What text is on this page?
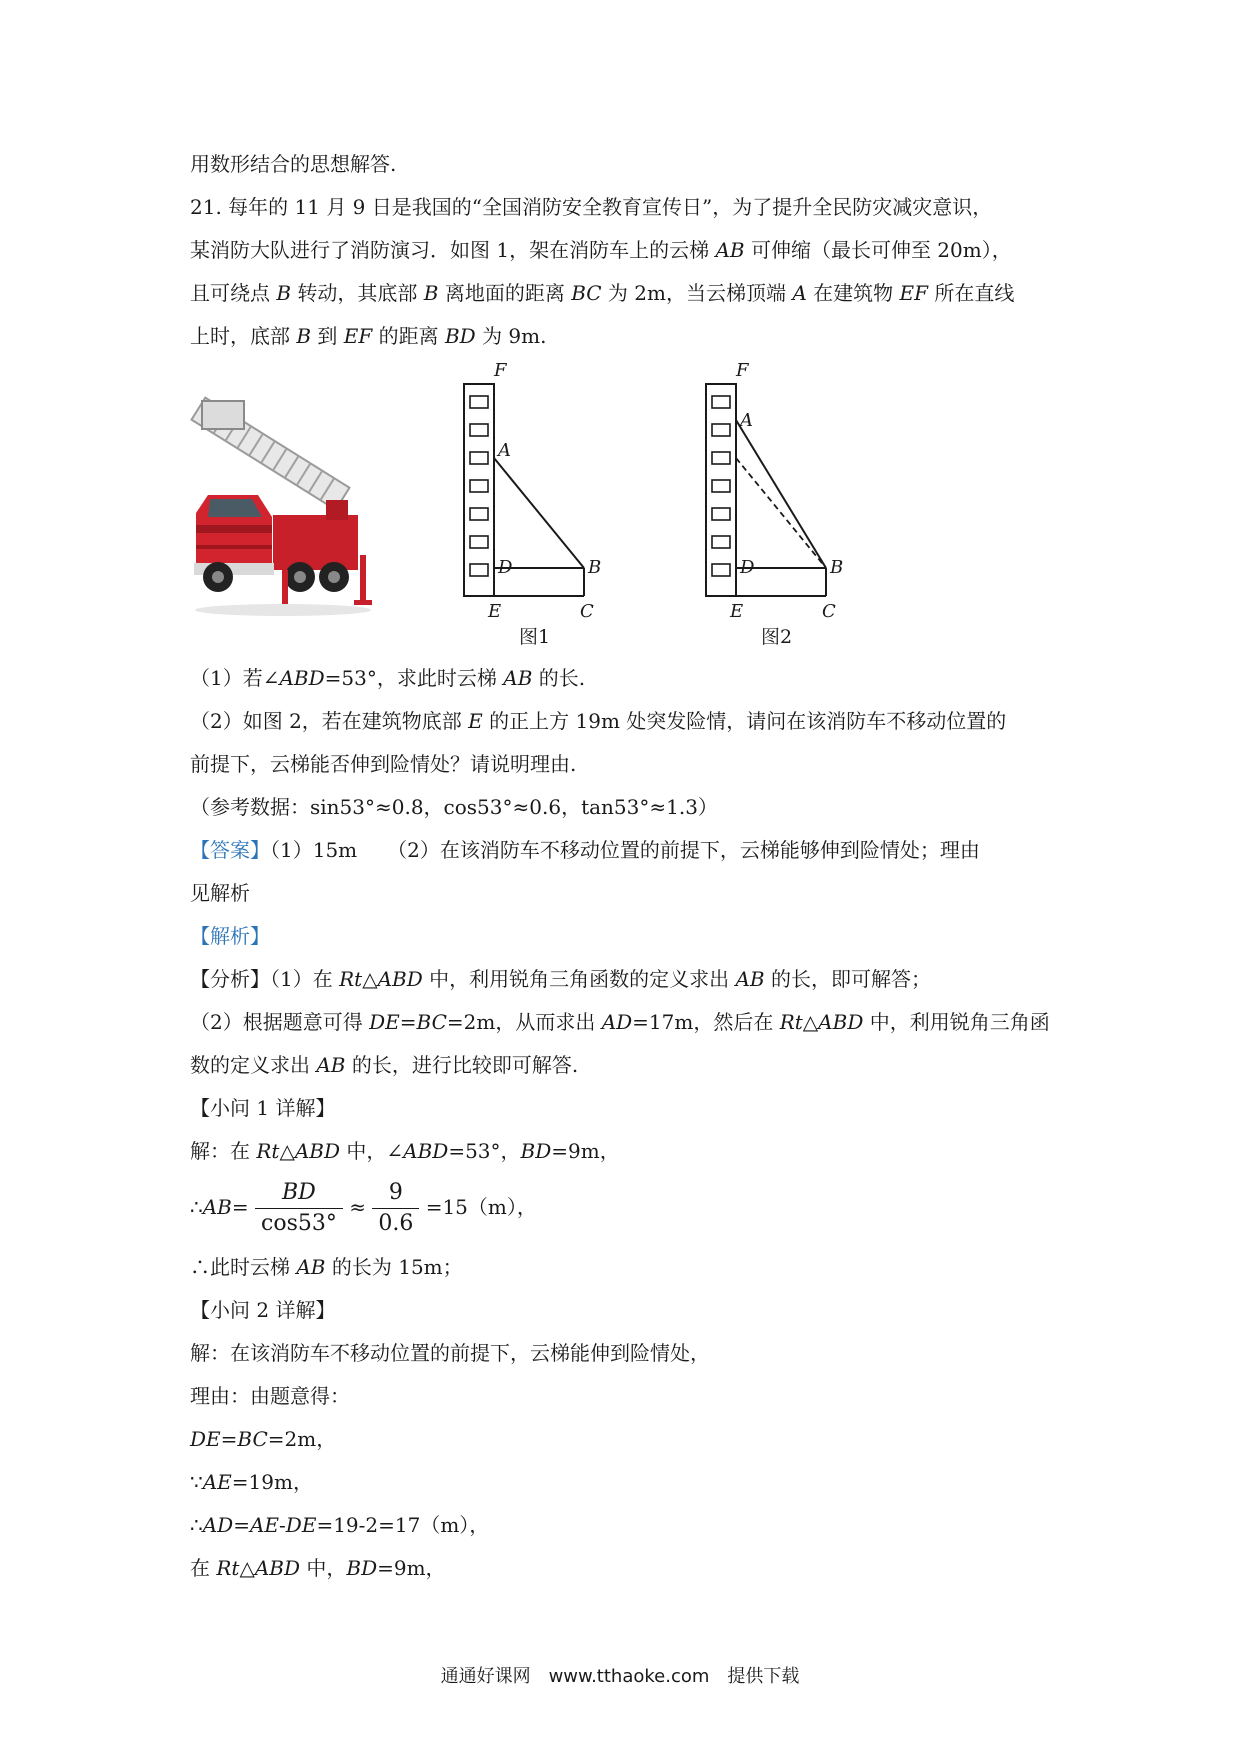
用数形结合的思想解答.
21. 每年的 11 月 9 日是我国的“全国消防安全教育宣传日”，为了提升全民防灾减灾意识，
某消防大队进行了消防演习．如图 1，架在消防车上的云梯 AB 可伸缩（最长可伸至 20m），
且可绕点 B 转动，其底部 B 离地面的距离 BC 为 2m，当云梯顶端 A 在建筑物 EF 所在直线
上时，底部 B 到 EF 的距离 BD 为 9m.
F
A
D	B
E	C
图1
F
A
D	B
E	C
图2
（1）若∠ABD=53°，求此时云梯 AB 的长.
（2）如图 2，若在建筑物底部 E 的正上方 19m 处突发险情，请问在该消防车不移动位置的
前提下，云梯能否伸到险情处？请说明理由.
（参考数据：sin53°≈0.8，cos53°≈0.6，tan53°≈1.3）
【答案】（1）15m　　（2）在该消防车不移动位置的前提下，云梯能够伸到险情处；理由
见解析
【解析】
【分析】（1）在 Rt△ABD 中，利用锐角三角函数的定义求出 AB 的长，即可解答；
（2）根据题意可得 DE=BC=2m，从而求出 AD=17m，然后在 Rt△ABD 中，利用锐角三角函
数的定义求出 AB 的长，进行比较即可解答.
【小问 1 详解】
解：在 Rt△ABD 中，∠ABD=53°，BD=9m，
∴AB= $\frac{BD}{\cos 53^\circ} \approx \frac{9}{0.6} =15(m)$，
∴此时云梯 AB 的长为 15m；
【小问 2 详解】
解：在该消防车不移动位置的前提下，云梯能伸到险情处，
理由：由题意得：
DE=BC=2m，
∵AE=19m，
∴AD=AE-DE=19-2=17（m），
在 Rt△ABD 中，BD=9m，
通通好课网　www.tthaoke.com　提供下载
